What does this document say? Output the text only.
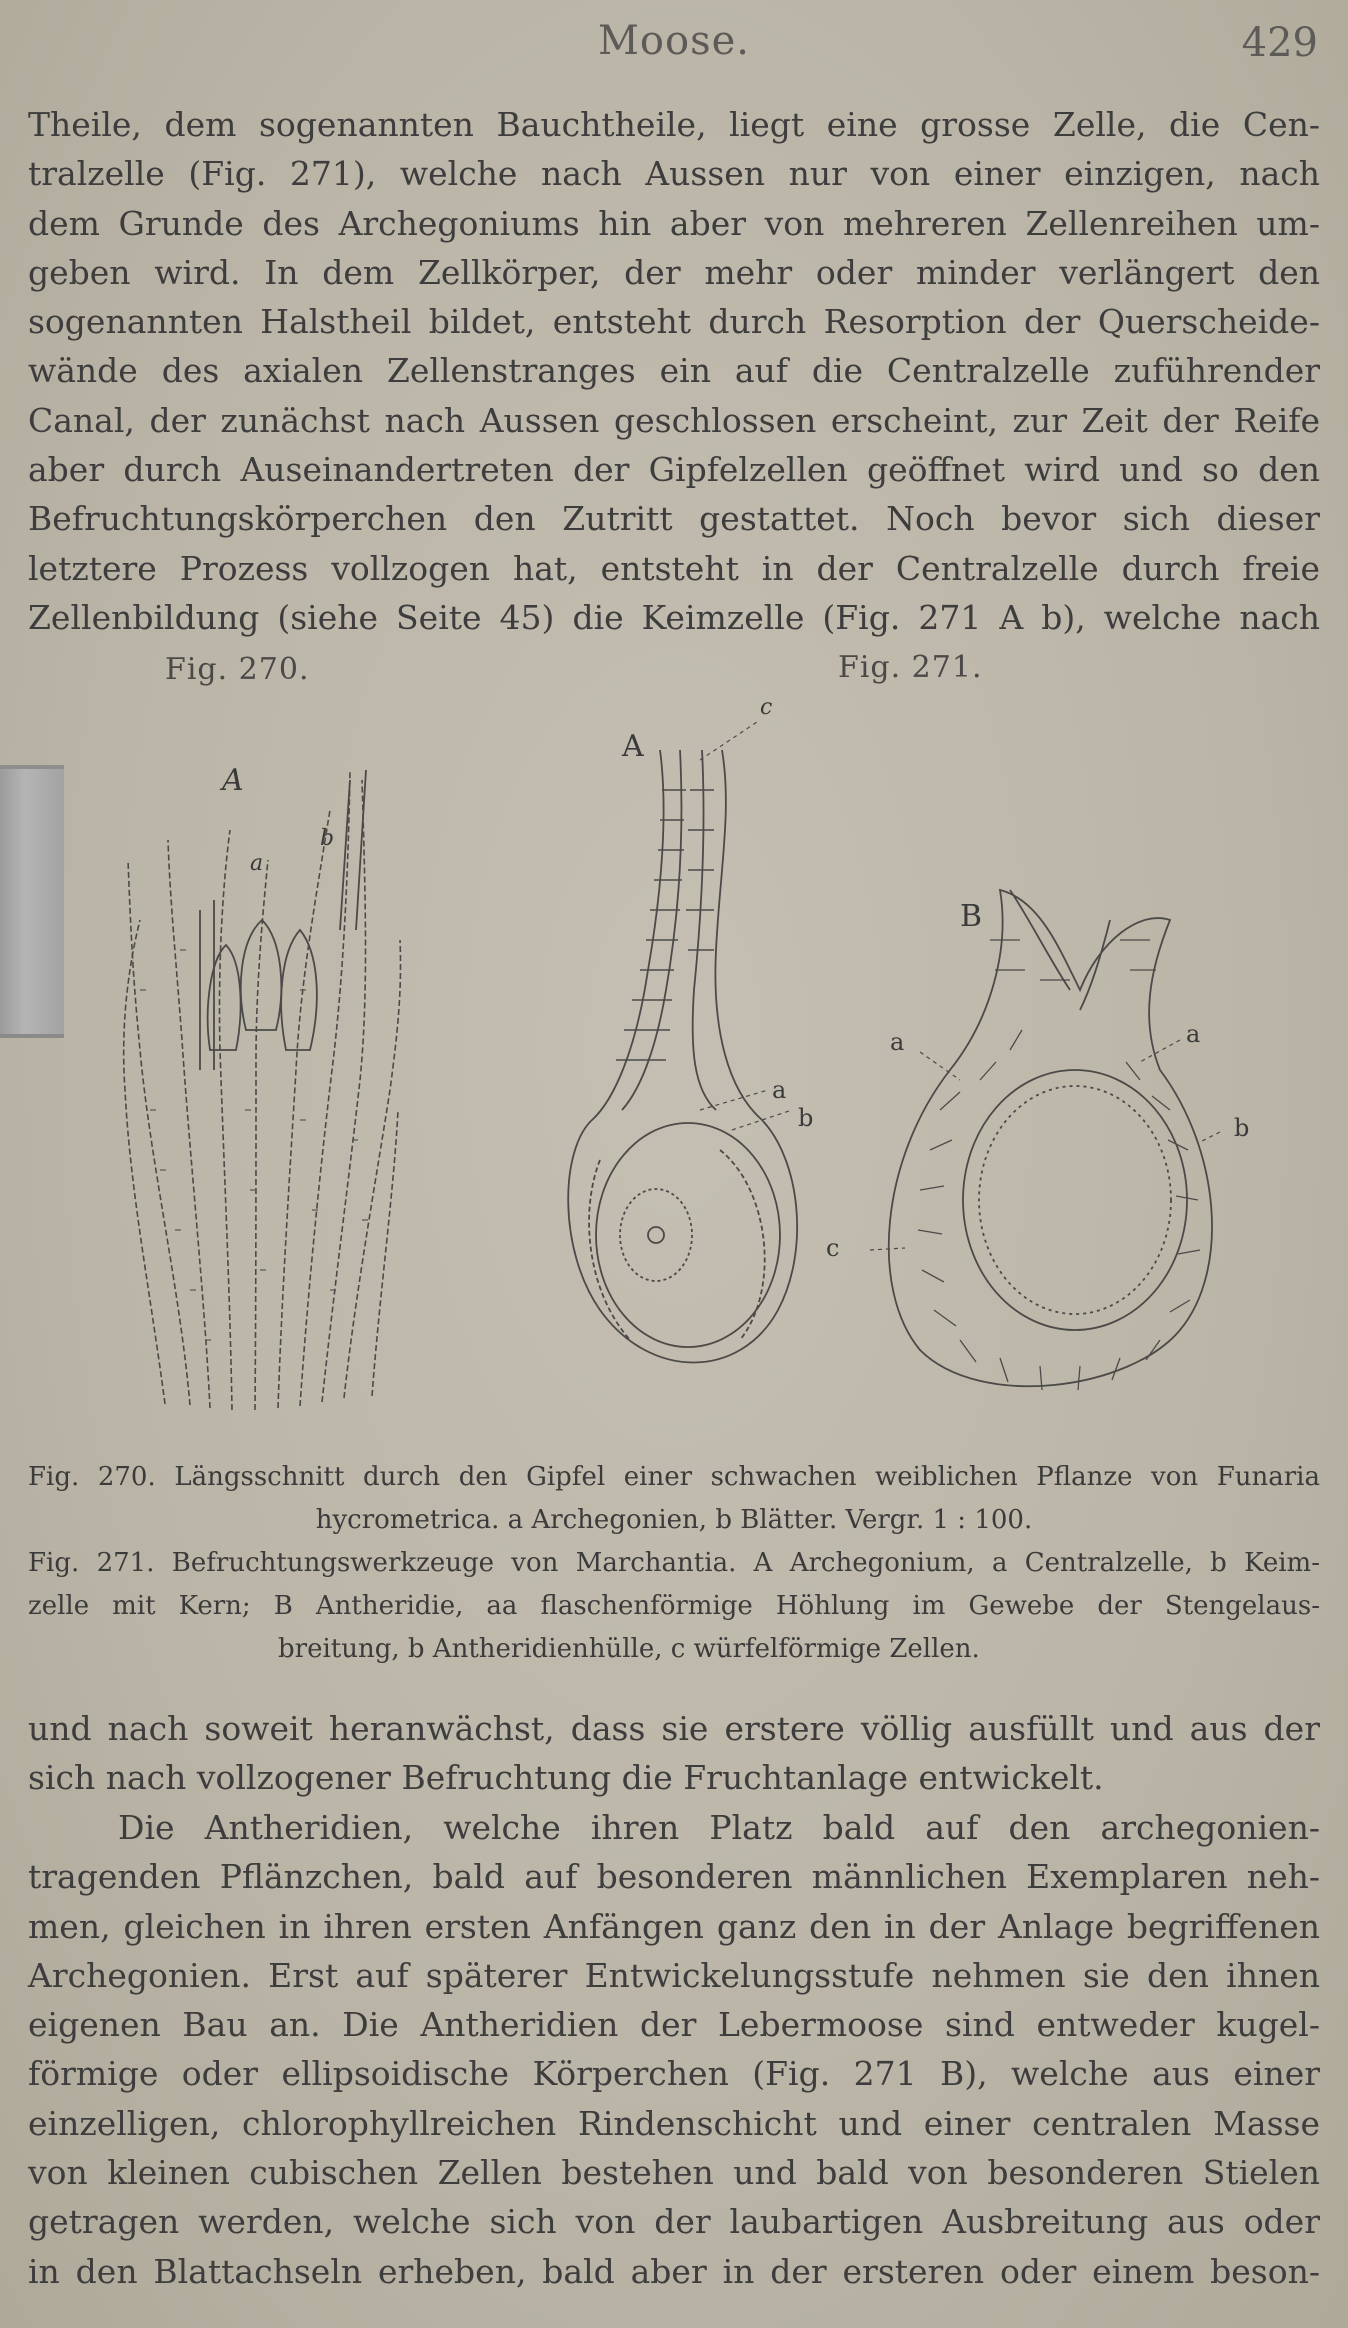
Moose.	429
Theile, dem sogenannten Bauchtheile, liegt eine grosse Zelle, die Cen-
tralzelle (Fig. 271), welche nach Aussen nur von einer einzigen, nach
dem Grunde des Archegoniums hin aber von mehreren Zellenreihen um-
geben wird. In dem Zellkörper, der mehr oder minder verlängert den
sogenannten Halstheil bildet, entsteht durch Resorption der Querscheide-
wände des axialen Zellenstranges ein auf die Centralzelle zuführender
Canal, der zunächst nach Aussen geschlossen erscheint, zur Zeit der Reife
aber durch Auseinandertreten der Gipfelzellen geöffnet wird und so den
Befruchtungskörperchen den Zutritt gestattet. Noch bevor sich dieser
letztere Prozess vollzogen hat, entsteht in der Centralzelle durch freie
Zellenbildung (siehe Seite 45) die Keimzelle (Fig. 271 A b), welche nach
Fig. 270.	Fig. 271.
A
a
b
A
c
a
b
B
a	a
b
c
Fig. 270. Längsschnitt durch den Gipfel einer schwachen weiblichen Pflanze von Funaria
hycrometrica. a Archegonien, b Blätter. Vergr. 1 : 100.
Fig. 271. Befruchtungswerkzeuge von Marchantia. A Archegonium, a Centralzelle, b Keim-
zelle mit Kern; B Antheridie, aa flaschenförmige Höhlung im Gewebe der Stengelaus-
breitung, b Antheridienhülle, c würfelförmige Zellen.
und nach soweit heranwächst, dass sie erstere völlig ausfüllt und aus der
sich nach vollzogener Befruchtung die Fruchtanlage entwickelt.
Die Antheridien, welche ihren Platz bald auf den archegonien-
tragenden Pflänzchen, bald auf besonderen männlichen Exemplaren neh-
men, gleichen in ihren ersten Anfängen ganz den in der Anlage begriffenen
Archegonien. Erst auf späterer Entwickelungsstufe nehmen sie den ihnen
eigenen Bau an. Die Antheridien der Lebermoose sind entweder kugel-
förmige oder ellipsoidische Körperchen (Fig. 271 B), welche aus einer
einzelligen, chlorophyllreichen Rindenschicht und einer centralen Masse
von kleinen cubischen Zellen bestehen und bald von besonderen Stielen
getragen werden, welche sich von der laubartigen Ausbreitung aus oder
in den Blattachseln erheben, bald aber in der ersteren oder einem beson-
